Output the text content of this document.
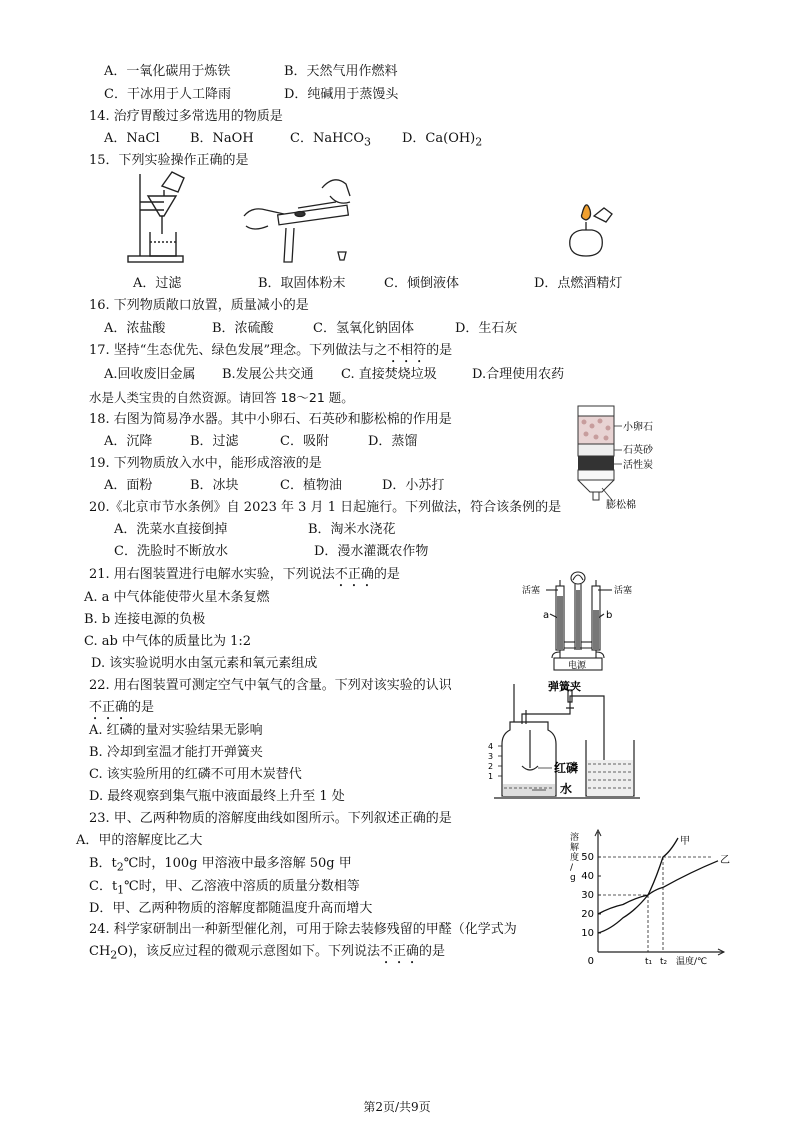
A．一氧化碳用于炼铁	B．天然气用作燃料
C．干冰用于人工降雨	D．纯碱用于蒸馒头
14. 治疗胃酸过多常选用的物质是
A．NaCl B．NaOH	C．NaHCO$_3$ D．$Ca(OH)_2$
15．下列实验操作正确的是
A．过滤	B．取固体粉末	C．倾倒液体	D．点燃酒精灯
16. 下列物质敞口放置，质量减小的是
A．浓盐酸	B．浓硫酸	C．氢氧化钠固体	D．生石灰
17. 坚持“生态优先、绿色发展”理念。下列做法与之不相符的是
A.回收废旧金属 B.发展公共交通 C. 直接焚烧垃圾	D.合理使用农药
水是人类宝贵的自然资源。请回答 18～21 题。
18. 右图为简易净水器。其中小卵石、石英砂和膨松棉的作用是
A．沉降	B．过滤	C．吸附	D．蒸馏
小卵石
石英砂
活性炭
膨松棉
19. 下列物质放入水中，能形成溶液的是
A．面粉	B．冰块	C．植物油	D．小苏打
20.《北京市节水条例》自 2023 年 3 月 1 日起施行。下列做法，符合该条例的是
A．洗菜水直接倒掉	B．淘米水浇花
C．洗脸时不断放水	D．漫水灌溉农作物
21. 用右图装置进行电解水实验，下列说法不正确的是
A. a 中气体能使带火星木条复燃
B. b 连接电源的负极
C. ab 中气体的质量比为 1:2
D. 该实验说明水由氢元素和氧元素组成
活塞	活塞
a	b
电源
22. 用右图装置可测定空气中氧气的含量。下列对该实验的认识
不正确的是
A. 红磷的量对实验结果无影响
B. 冷却到室温才能打开弹簧夹
C. 该实验所用的红磷不可用木炭替代
D. 最终观察到集气瓶中液面最终上升至 1 处
4
3
2
1
弹簧夹
红磷
水
23. 甲、乙两种物质的溶解度曲线如图所示。下列叙述正确的是
A．甲的溶解度比乙大
B．$t_2℃$时，100g 甲溶液中最多溶解 50g 甲
C．$t_1℃$时，甲、乙溶液中溶质的质量分数相等
D．甲、乙两种物质的溶解度都随温度升高而增大
溶解度/ g
10
20
30
40
50
0	t₁ t₂ 温度/℃
甲
乙
24. 科学家研制出一种新型催化剂，可用于除去装修残留的甲醛（化学式为
$CH_2O$)，该反应过程的微观示意图如下。下列说法不正确的是
第2页/共9页
